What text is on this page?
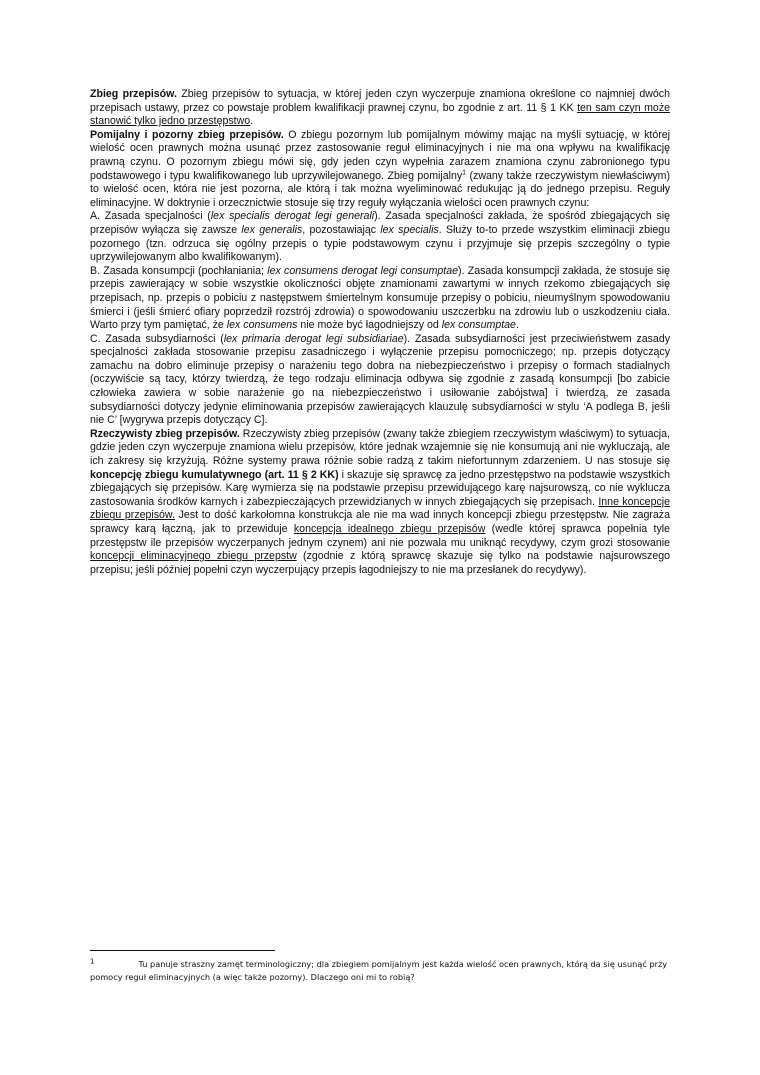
Zbieg przepisów. Zbieg przepisów to sytuacja, w której jeden czyn wyczerpuje znamiona określone co najmniej dwóch przepisach ustawy, przez co powstaje problem kwalifikacji prawnej czynu, bo zgodnie z art. 11 § 1 KK ten sam czyn może stanowić tylko jedno przestępstwo.

Pomijalny i pozorny zbieg przepisów. O zbiegu pozornym lub pomijalnym mówimy mając na myśli sytuację, w której wielość ocen prawnych można usunąć przez zastosowanie reguł eliminacyjnych i nie ma ona wpływu na kwalifikację prawną czynu. O pozornym zbiegu mówi się, gdy jeden czyn wypełnia zarazem znamiona czynu zabronionego typu podstawowego i typu kwalifikowanego lub uprzywilejowanego. Zbieg pomijalny$^1$ (zwany także rzeczywistym niewłaściwym) to wielość ocen, która nie jest pozorna, ale którą i tak można wyeliminować redukując ją do jednego przepisu. Reguły eliminacyjne. W doktrynie i orzecznictwie stosuje się trzy reguły wyłączania wielości ocen prawnych czynu:

A. Zasada specjalności (lex specialis derogat legi generali). Zasada specjalności zakłada, że spośród zbiegających się przepisów wyłącza się zawsze lex generalis, pozostawiając lex specialis. Służy to-to przede wszystkim eliminacji zbiegu pozornego (tzn. odrzuca się ogólny przepis o typie podstawowym czynu i przyjmuje się przepis szczególny o typie uprzywilejowanym albo kwalifikowanym).

B. Zasada konsumpcji (pochłaniania; lex consumens derogat legi consumptae). Zasada konsumpcji zakłada, że stosuje się przepis zawierający w sobie wszystkie okoliczności objęte znamionami zawartymi w innych rzekomo zbiegających się przepisach, np. przepis o pobiciu z następstwem śmiertelnym konsumuje przepisy o pobiciu, nieumyślnym spowodowaniu śmierci i (jeśli śmierć ofiary poprzedził rozstrój zdrowia) o spowodowaniu uszczerbku na zdrowiu lub o uszkodzeniu ciała. Warto przy tym pamiętać, że lex consumens nie może być łagodniejszy od lex consumptae.

C. Zasada subsydiarności (lex primaria derogat legi subsidiariae). Zasada subsydiarności jest przeciwieństwem zasady specjalności zakłada stosowanie przepisu zasadniczego i wyłączenie przepisu pomocniczego; np. przepis dotyczący zamachu na dobro eliminuje przepisy o narażeniu tego dobra na niebezpieczeństwo i przepisy o formach stadialnych (oczywiście są tacy, którzy twierdzą, że tego rodzaju eliminacja odbywa się zgodnie z zasadą konsumpcji [bo zabicie człowieka zawiera w sobie narażenie go na niebezpieczeństwo i usiłowanie zabójstwa] i twierdzą, ze zasada subsydiarności dotyczy jedynie eliminowania przepisów zawierających klauzulę subsydiarności w stylu ‘A podlega B, jeśli nie C’ [wygrywa przepis dotyczący C].

Rzeczywisty zbieg przepisów. Rzeczywisty zbieg przepisów (zwany także zbiegiem rzeczywistym właściwym) to sytuacja, gdzie jeden czyn wyczerpuje znamiona wielu przepisów, które jednak wzajemnie się nie konsumują ani nie wykluczają, ale ich zakresy się krzyżują. Różne systemy prawa różnie sobie radzą z takim niefortunnym zdarzeniem. U nas stosuje się koncepcję zbiegu kumulatywnego (art. 11 § 2 KK) i skazuje się sprawcę za jedno przestępstwo na podstawie wszystkich zbiegających się przepisów. Karę wymierza się na podstawie przepisu przewidującego karę najsurowszą, co nie wyklucza zastosowania środków karnych i zabezpieczających przewidzianych w innych zbiegających się przepisach. Inne koncepcje zbiegu przepisów. Jest to dość karkołomna konstrukcja ale nie ma wad innych koncepcji zbiegu przestępstw. Nie zagraża sprawcy karą łączną, jak to przewiduje koncepcja idealnego zbiegu przepisów (wedle której sprawca popełnia tyle przestępstw ile przepisów wyczerpanych jednym czynem) ani nie pozwala mu uniknąć recydywy, czym grozi stosowanie koncepcji eliminacyjnego zbiegu przepstw (zgodnie z którą sprawcę skazuje się tylko na podstawie najsurowszego przepisu; jeśli później popełni czyn wyczerpujący przepis łagodniejszy to nie ma przesłanek do recydywy).

1	Tu panuje straszny zamęt terminologiczny; dla zbiegiem pomijalnym jest każda wielość ocen prawnych, którą da się usunąć przy pomocy reguł eliminacyjnych (a więc także pozorny). Dlaczego oni mi to robią?
